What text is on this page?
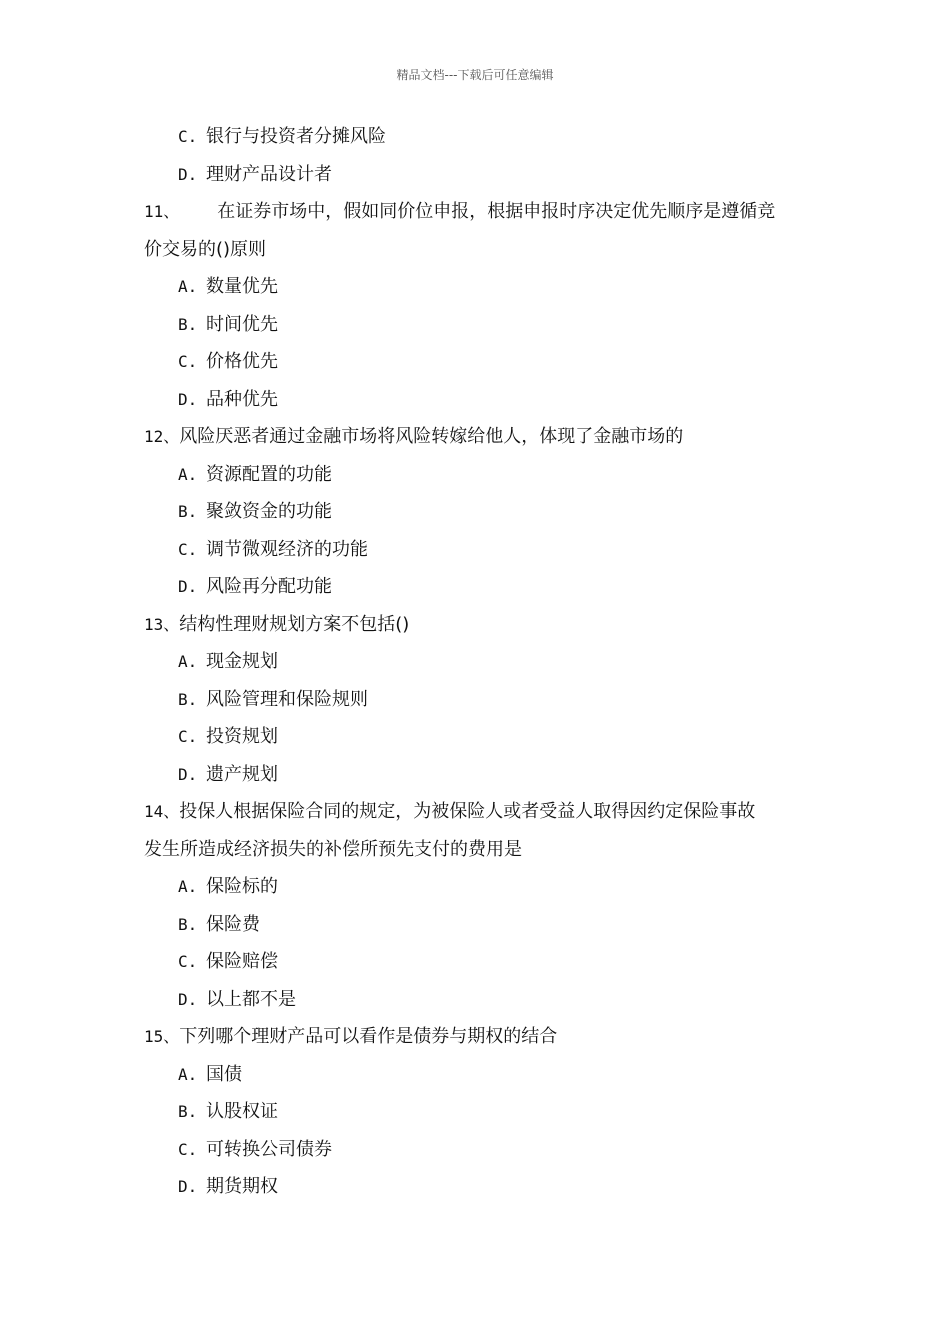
精品文档---下载后可任意编辑
C. 银行与投资者分摊风险
D. 理财产品设计者
11、 在证券市场中，假如同价位申报，根据申报时序决定优先顺序是遵循竞
价交易的()原则
A. 数量优先
B. 时间优先
C. 价格优先
D. 品种优先
12、风险厌恶者通过金融市场将风险转嫁给他人，体现了金融市场的
A. 资源配置的功能
B. 聚敛资金的功能
C. 调节微观经济的功能
D. 风险再分配功能
13、结构性理财规划方案不包括()
A. 现金规划
B. 风险管理和保险规则
C. 投资规划
D. 遗产规划
14、投保人根据保险合同的规定，为被保险人或者受益人取得因约定保险事故
发生所造成经济损失的补偿所预先支付的费用是
A. 保险标的
B. 保险费
C. 保险赔偿
D. 以上都不是
15、下列哪个理财产品可以看作是债券与期权的结合
A. 国债
B. 认股权证
C. 可转换公司债券
D. 期货期权
